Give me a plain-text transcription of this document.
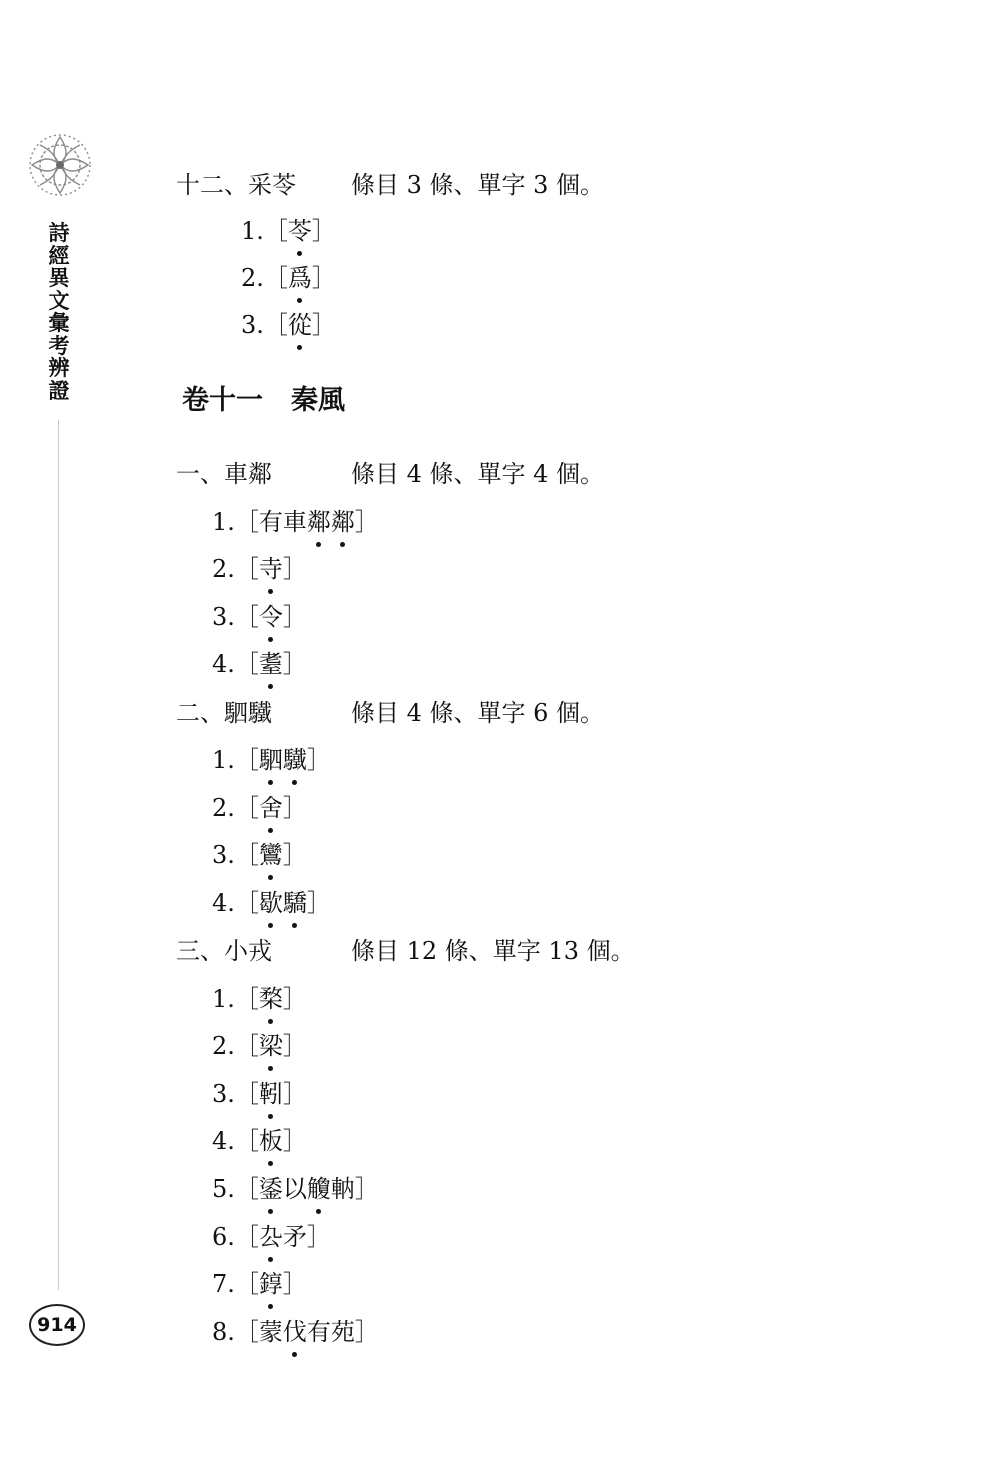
詩經異文彙考辨證
914
十二、采苓 條目 3 條、單字 3 個。
1.［苓］
2.［爲］
3.［從］
卷十一 秦風
一、車鄰	條目 4 條、單字 4 個。
1.［有車鄰鄰］
2.［寺］
3.［令］
4.［耋］
二、駟驖	條目 4 條、單字 6 個。
1.［駟驖］
2.［舍］
3.［鸞］
4.［歇驕］
三、小戎	條目 12 條、單字 13 個。
1.［楘］
2.［梁］
3.［靷］
4.［板］
5.［鋈以觼軜］
6.［厹矛］
7.［錞］
8.［蒙伐有苑］
